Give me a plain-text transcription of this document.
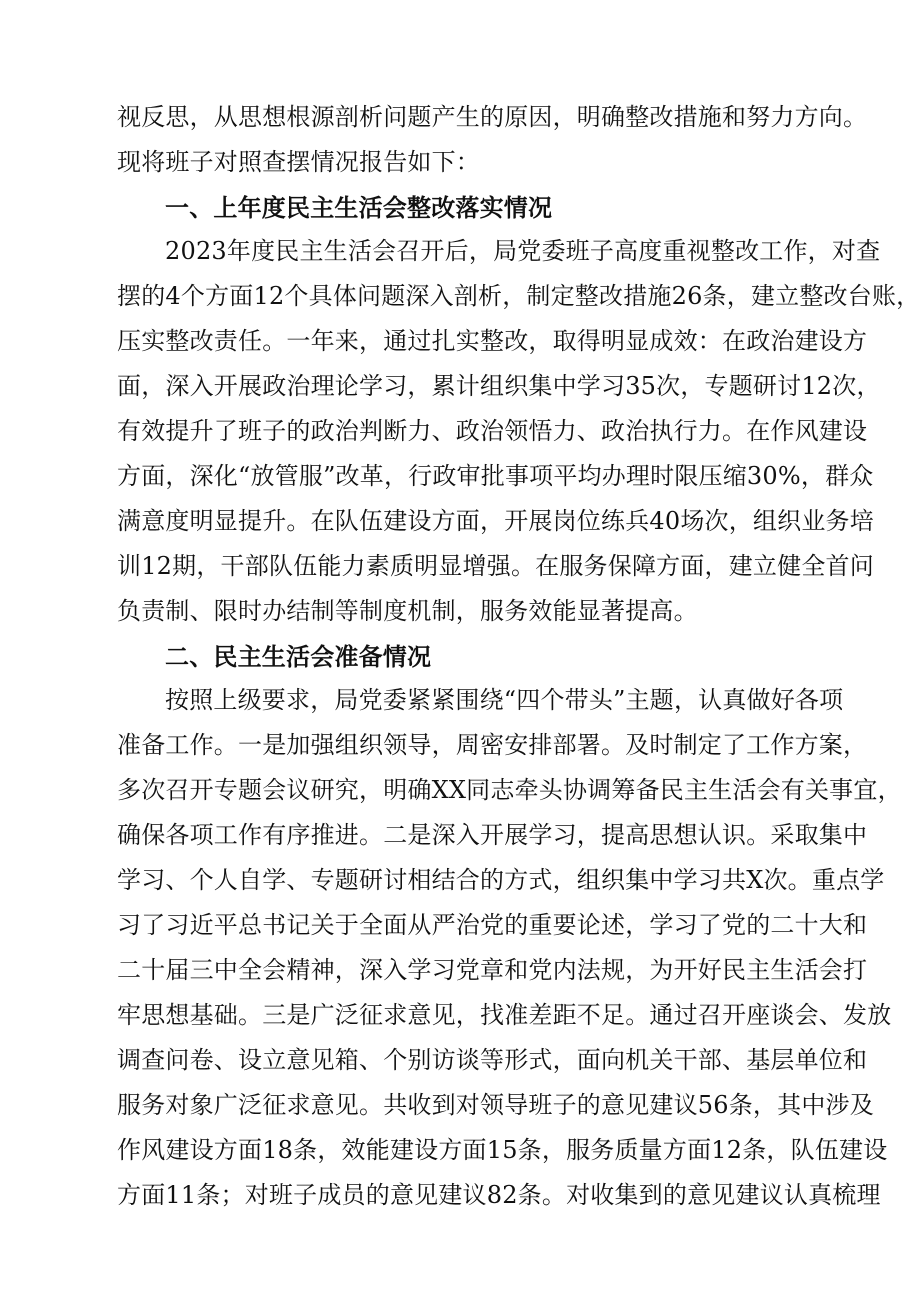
视反思，从思想根源剖析问题产生的原因，明确整改措施和努力方向。
现将班子对照查摆情况报告如下：
一、上年度民主生活会整改落实情况
2023年度民主生活会召开后，局党委班子高度重视整改工作，对查
摆的4个方面12个具体问题深入剖析，制定整改措施26条，建立整改台账，
压实整改责任。一年来，通过扎实整改，取得明显成效：在政治建设方
面，深入开展政治理论学习，累计组织集中学习35次，专题研讨12次，
有效提升了班子的政治判断力、政治领悟力、政治执行力。在作风建设
方面，深化“放管服”改革，行政审批事项平均办理时限压缩30%，群众
满意度明显提升。在队伍建设方面，开展岗位练兵40场次，组织业务培
训12期，干部队伍能力素质明显增强。在服务保障方面，建立健全首问
负责制、限时办结制等制度机制，服务效能显著提高。
二、民主生活会准备情况
按照上级要求，局党委紧紧围绕“四个带头”主题，认真做好各项
准备工作。一是加强组织领导，周密安排部署。及时制定了工作方案，
多次召开专题会议研究，明确XX同志牵头协调筹备民主生活会有关事宜，
确保各项工作有序推进。二是深入开展学习，提高思想认识。采取集中
学习、个人自学、专题研讨相结合的方式，组织集中学习共X次。重点学
习了习近平总书记关于全面从严治党的重要论述，学习了党的二十大和
二十届三中全会精神，深入学习党章和党内法规，为开好民主生活会打
牢思想基础。三是广泛征求意见，找准差距不足。通过召开座谈会、发放
调查问卷、设立意见箱、个别访谈等形式，面向机关干部、基层单位和
服务对象广泛征求意见。共收到对领导班子的意见建议56条，其中涉及
作风建设方面18条，效能建设方面15条，服务质量方面12条，队伍建设
方面11条；对班子成员的意见建议82条。对收集到的意见建议认真梳理
